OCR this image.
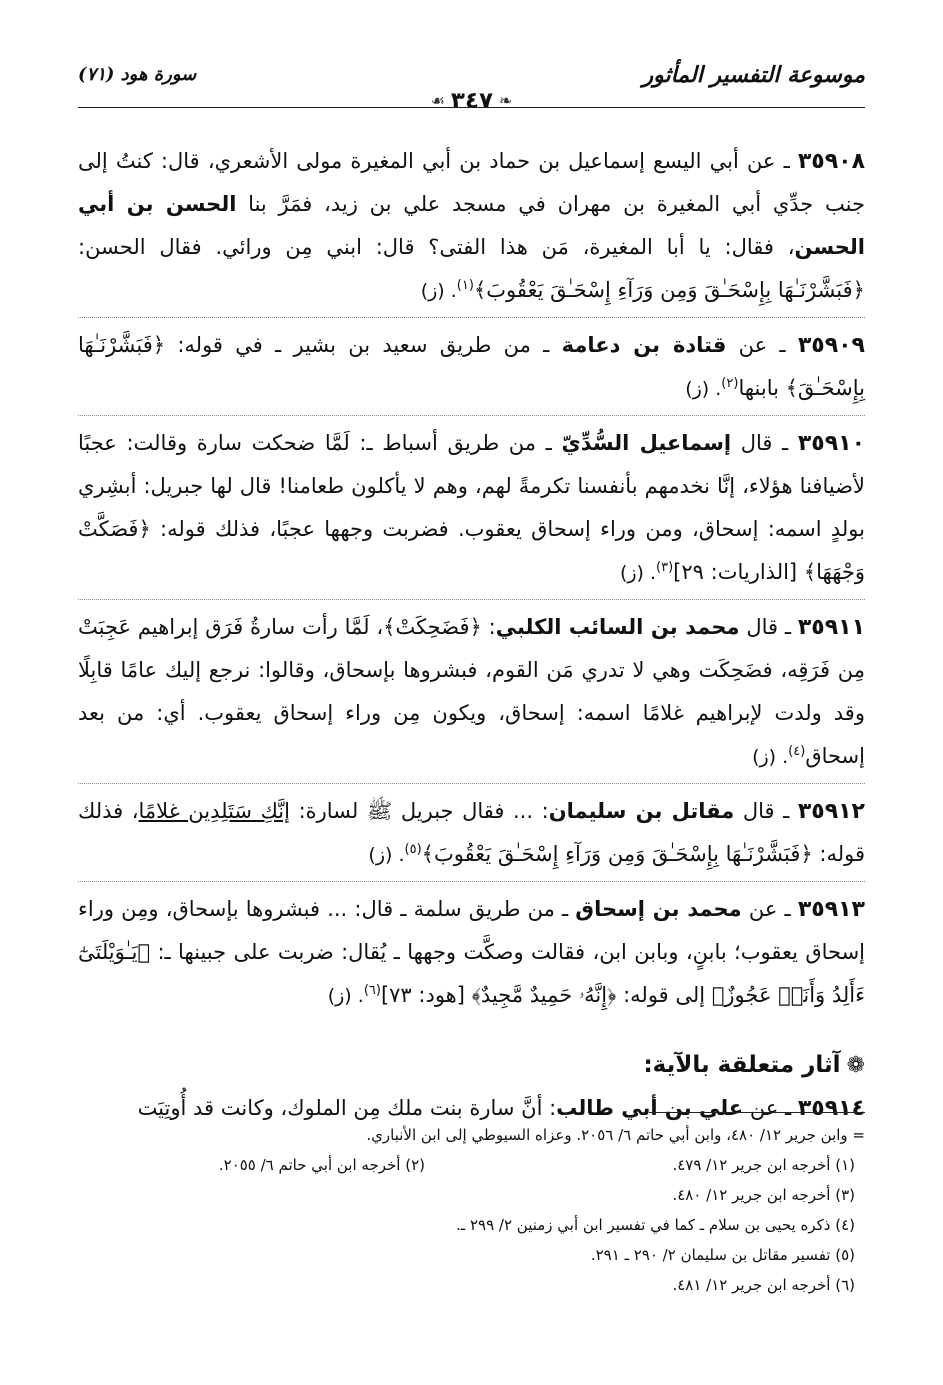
موسوعة التفسير المأثور
❧٣٤٧☙
سورة هود (٧١)

٣٥٩٠٨ ـ عن أبي اليسع إسماعيل بن حماد بن أبي المغيرة مولى الأشعري، قال: كنتُ إلى جنب جدِّي أبي المغيرة بن مهران في مسجد علي بن زيد، فمَرَّ بنا الحسن بن أبي الحسن، فقال: يا أبا المغيرة، مَن هذا الفتى؟ قال: ابني مِن ورائي. فقال الحسن: ﴿فَبَشَّرْنَـٰهَا بِإِسْحَـٰقَ وَمِن وَرَآءِ إِسْحَـٰقَ يَعْقُوبَ﴾$^{(١)}$. (ز)

٣٥٩٠٩ ـ عن قتادة بن دعامة ـ من طريق سعيد بن بشير ـ في قوله: ﴿فَبَشَّرْنَـٰهَا بِإِسْحَـٰقَ﴾ بابنها$^{(٢)}$. (ز)

٣٥٩١٠ ـ قال إسماعيل السُّدِّيّ ـ من طريق أسباط ـ: لَمَّا ضحكت سارة وقالت: عجبًا لأضيافنا هؤلاء، إنَّا نخدمهم بأنفسنا تكرمةً لهم، وهم لا يأكلون طعامنا! قال لها جبريل: أبشِري بولدٍ اسمه: إسحاق، ومن وراء إسحاق يعقوب. فضربت وجهها عجبًا، فذلك قوله: ﴿فَصَكَّتْ وَجْهَهَا﴾ [الذاريات: ٢٩]$^{(٣)}$. (ز)

٣٥٩١١ ـ قال محمد بن السائب الكلبي: ﴿فَضَحِكَتْ﴾، لَمَّا رأت سارةُ فَرَق إبراهيم عَجِبَتْ مِن فَرَقِه، فضَحِكَت وهي لا تدري مَن القوم، فبشروها بإسحاق، وقالوا: نرجع إليك عامًا قابِلًا وقد ولدت لإبراهيم غلامًا اسمه: إسحاق، ويكون مِن وراء إسحاق يعقوب. أي: من بعد إسحاق$^{(٤)}$. (ز)

٣٥٩١٢ ـ قال مقاتل بن سليمان: ... فقال جبريل ﷺ لسارة: إنَّكِ سَتَلِدِين غلامًا، فذلك قوله: ﴿فَبَشَّرْنَـٰهَا بِإِسْحَـٰقَ وَمِن وَرَآءِ إِسْحَـٰقَ يَعْقُوبَ﴾$^{(٥)}$. (ز)

٣٥٩١٣ ـ عن محمد بن إسحاق ـ من طريق سلمة ـ قال: ... فبشروها بإسحاق، ومِن وراء إسحاق يعقوب؛ بابنٍ، وبابن ابن، فقالت وصكَّت وجهها ـ يُقال: ضربت على جبينها ـ: ﴿يَـٰوَيْلَتَىٰٓ ءَأَلِدُ وَأَنَا۠ عَجُوزٌ﴾ إلى قوله: ﴿إِنَّهُۥ حَمِيدٌ مَّجِيدٌ﴾ [هود: ٧٣]$^{(٦)}$. (ز)

❁آثار متعلقة بالآية:

٣٥٩١٤ ـ عن علي بن أبي طالب: أنَّ سارة بنت ملك مِن الملوك، وكانت قد أُوتِيَت

= وابن جرير ١٢/ ٤٨٠، وابن أبي حاتم ٦/ ٢٠٥٦. وعزاه السيوطي إلى ابن الأنباري.
(١) أخرجه ابن جرير ١٢/ ٤٧٩.
(٢) أخرجه ابن أبي حاتم ٦/ ٢٠٥٥.
(٣) أخرجه ابن جرير ١٢/ ٤٨٠.
(٤) ذكره يحيى بن سلام ـ كما في تفسير ابن أبي زمنين ٢/ ٢٩٩ ـ.
(٥) تفسير مقاتل بن سليمان ٢/ ٢٩٠ ـ ٢٩١.
(٦) أخرجه ابن جرير ١٢/ ٤٨١.
